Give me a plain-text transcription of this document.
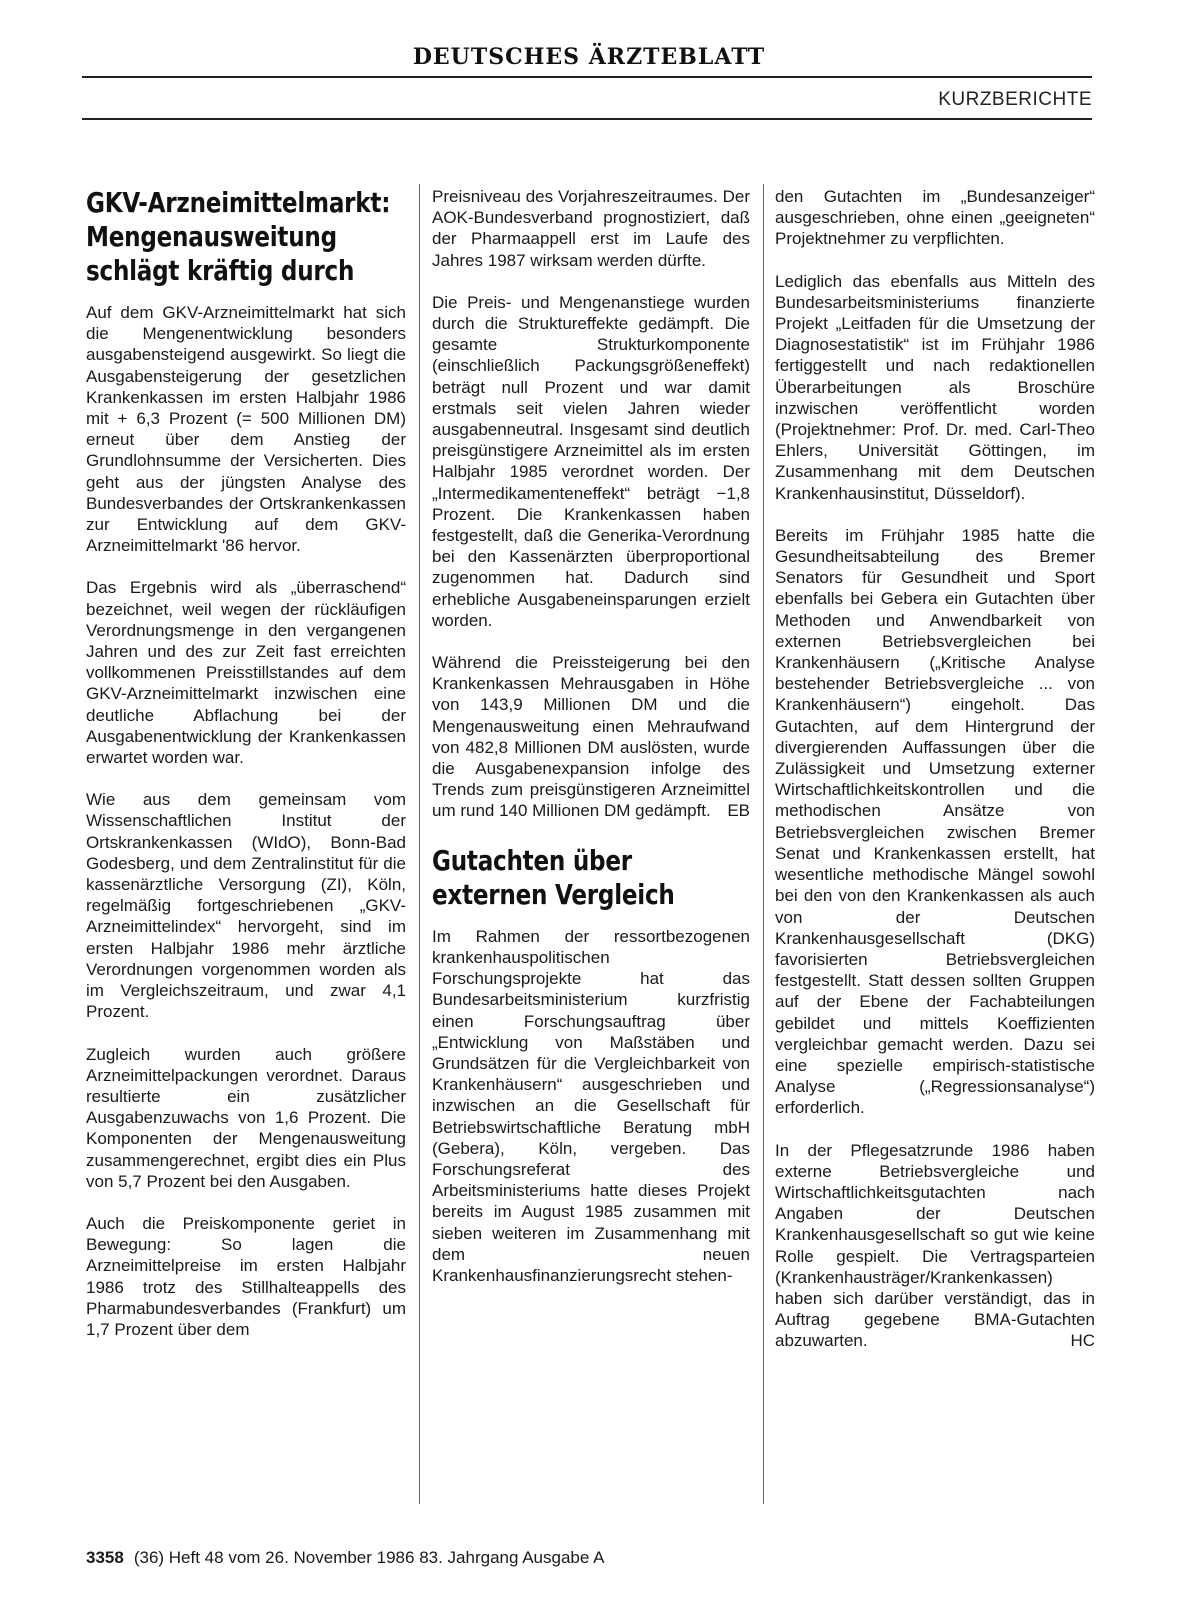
DEUTSCHES ÄRZTEBLATT
KURZBERICHTE
GKV-Arzneimittelmarkt: Mengenausweitung schlägt kräftig durch

Auf dem GKV-Arzneimittelmarkt hat sich die Mengenentwicklung besonders ausgabensteigend ausgewirkt. So liegt die Ausgabensteigerung der gesetzlichen Krankenkassen im ersten Halbjahr 1986 mit + 6,3 Prozent (= 500 Millionen DM) erneut über dem Anstieg der Grundlohnsumme der Versicherten. Dies geht aus der jüngsten Analyse des Bundesverbandes der Ortskrankenkassen zur Entwicklung auf dem GKV-Arzneimittelmarkt '86 hervor.

Das Ergebnis wird als „überraschend“ bezeichnet, weil wegen der rückläufigen Verordnungsmenge in den vergangenen Jahren und des zur Zeit fast erreichten vollkommenen Preisstillstandes auf dem GKV-Arzneimittelmarkt inzwischen eine deutliche Abflachung bei der Ausgabenentwicklung der Krankenkassen erwartet worden war.

Wie aus dem gemeinsam vom Wissenschaftlichen Institut der Ortskrankenkassen (WIdO), Bonn-Bad Godesberg, und dem Zentralinstitut für die kassenärztliche Versorgung (ZI), Köln, regelmäßig fortgeschriebenen „GKV-Arzneimittelindex“ hervorgeht, sind im ersten Halbjahr 1986 mehr ärztliche Verordnungen vorgenommen worden als im Vergleichszeitraum, und zwar 4,1 Prozent.

Zugleich wurden auch größere Arzneimittelpackungen verordnet. Daraus resultierte ein zusätzlicher Ausgabenzuwachs von 1,6 Prozent. Die Komponenten der Mengenausweitung zusammengerechnet, ergibt dies ein Plus von 5,7 Prozent bei den Ausgaben.

Auch die Preiskomponente geriet in Bewegung: So lagen die Arzneimittelpreise im ersten Halbjahr 1986 trotz des Stillhalteappells des Pharmabundesverbandes (Frankfurt) um 1,7 Prozent über dem

Preisniveau des Vorjahreszeitraumes. Der AOK-Bundesverband prognostiziert, daß der Pharmaappell erst im Laufe des Jahres 1987 wirksam werden dürfte.

Die Preis- und Mengenanstiege wurden durch die Struktureffekte gedämpft. Die gesamte Strukturkomponente (einschließlich Packungsgrößeneffekt) beträgt null Prozent und war damit erstmals seit vielen Jahren wieder ausgabenneutral. Insgesamt sind deutlich preisgünstigere Arzneimittel als im ersten Halbjahr 1985 verordnet worden. Der „Intermedikamenteneffekt“ beträgt −1,8 Prozent. Die Krankenkassen haben festgestellt, daß die Generika-Verordnung bei den Kassenärzten überproportional zugenommen hat. Dadurch sind erhebliche Ausgabeneinsparungen erzielt worden.

Während die Preissteigerung bei den Krankenkassen Mehrausgaben in Höhe von 143,9 Millionen DM und die Mengenausweitung einen Mehraufwand von 482,8 Millionen DM auslösten, wurde die Ausgabenexpansion infolge des Trends zum preisgünstigeren Arzneimittel um rund 140 Millionen DM gedämpft. EB

Gutachten über externen Vergleich

Im Rahmen der ressortbezogenen krankenhauspolitischen Forschungsprojekte hat das Bundesarbeitsministerium kurzfristig einen Forschungsauftrag über „Entwicklung von Maßstäben und Grundsätzen für die Vergleichbarkeit von Krankenhäusern“ ausgeschrieben und inzwischen an die Gesellschaft für Betriebswirtschaftliche Beratung mbH (Gebera), Köln, vergeben. Das Forschungsreferat des Arbeitsministeriums hatte dieses Projekt bereits im August 1985 zusammen mit sieben weiteren im Zusammenhang mit dem neuen Krankenhausfinanzierungsrecht stehen-

den Gutachten im „Bundesanzeiger“ ausgeschrieben, ohne einen „geeigneten“ Projektnehmer zu verpflichten.

Lediglich das ebenfalls aus Mitteln des Bundesarbeitsministeriums finanzierte Projekt „Leitfaden für die Umsetzung der Diagnosestatistik“ ist im Frühjahr 1986 fertiggestellt und nach redaktionellen Überarbeitungen als Broschüre inzwischen veröffentlicht worden (Projektnehmer: Prof. Dr. med. Carl-Theo Ehlers, Universität Göttingen, im Zusammenhang mit dem Deutschen Krankenhausinstitut, Düsseldorf).

Bereits im Frühjahr 1985 hatte die Gesundheitsabteilung des Bremer Senators für Gesundheit und Sport ebenfalls bei Gebera ein Gutachten über Methoden und Anwendbarkeit von externen Betriebsvergleichen bei Krankenhäusern („Kritische Analyse bestehender Betriebsvergleiche ... von Krankenhäusern“) eingeholt. Das Gutachten, auf dem Hintergrund der divergierenden Auffassungen über die Zulässigkeit und Umsetzung externer Wirtschaftlichkeitskontrollen und die methodischen Ansätze von Betriebsvergleichen zwischen Bremer Senat und Krankenkassen erstellt, hat wesentliche methodische Mängel sowohl bei den von den Krankenkassen als auch von der Deutschen Krankenhausgesellschaft (DKG) favorisierten Betriebsvergleichen festgestellt. Statt dessen sollten Gruppen auf der Ebene der Fachabteilungen gebildet und mittels Koeffizienten vergleichbar gemacht werden. Dazu sei eine spezielle empirisch-statistische Analyse („Regressionsanalyse“) erforderlich.

In der Pflegesatzrunde 1986 haben externe Betriebsvergleiche und Wirtschaftlichkeitsgutachten nach Angaben der Deutschen Krankenhausgesellschaft so gut wie keine Rolle gespielt. Die Vertragsparteien (Krankenhausträger/Krankenkassen) haben sich darüber verständigt, das in Auftrag gegebene BMA-Gutachten abzuwarten.	HC

3358 (36) Heft 48 vom 26. November 1986 83. Jahrgang Ausgabe A
